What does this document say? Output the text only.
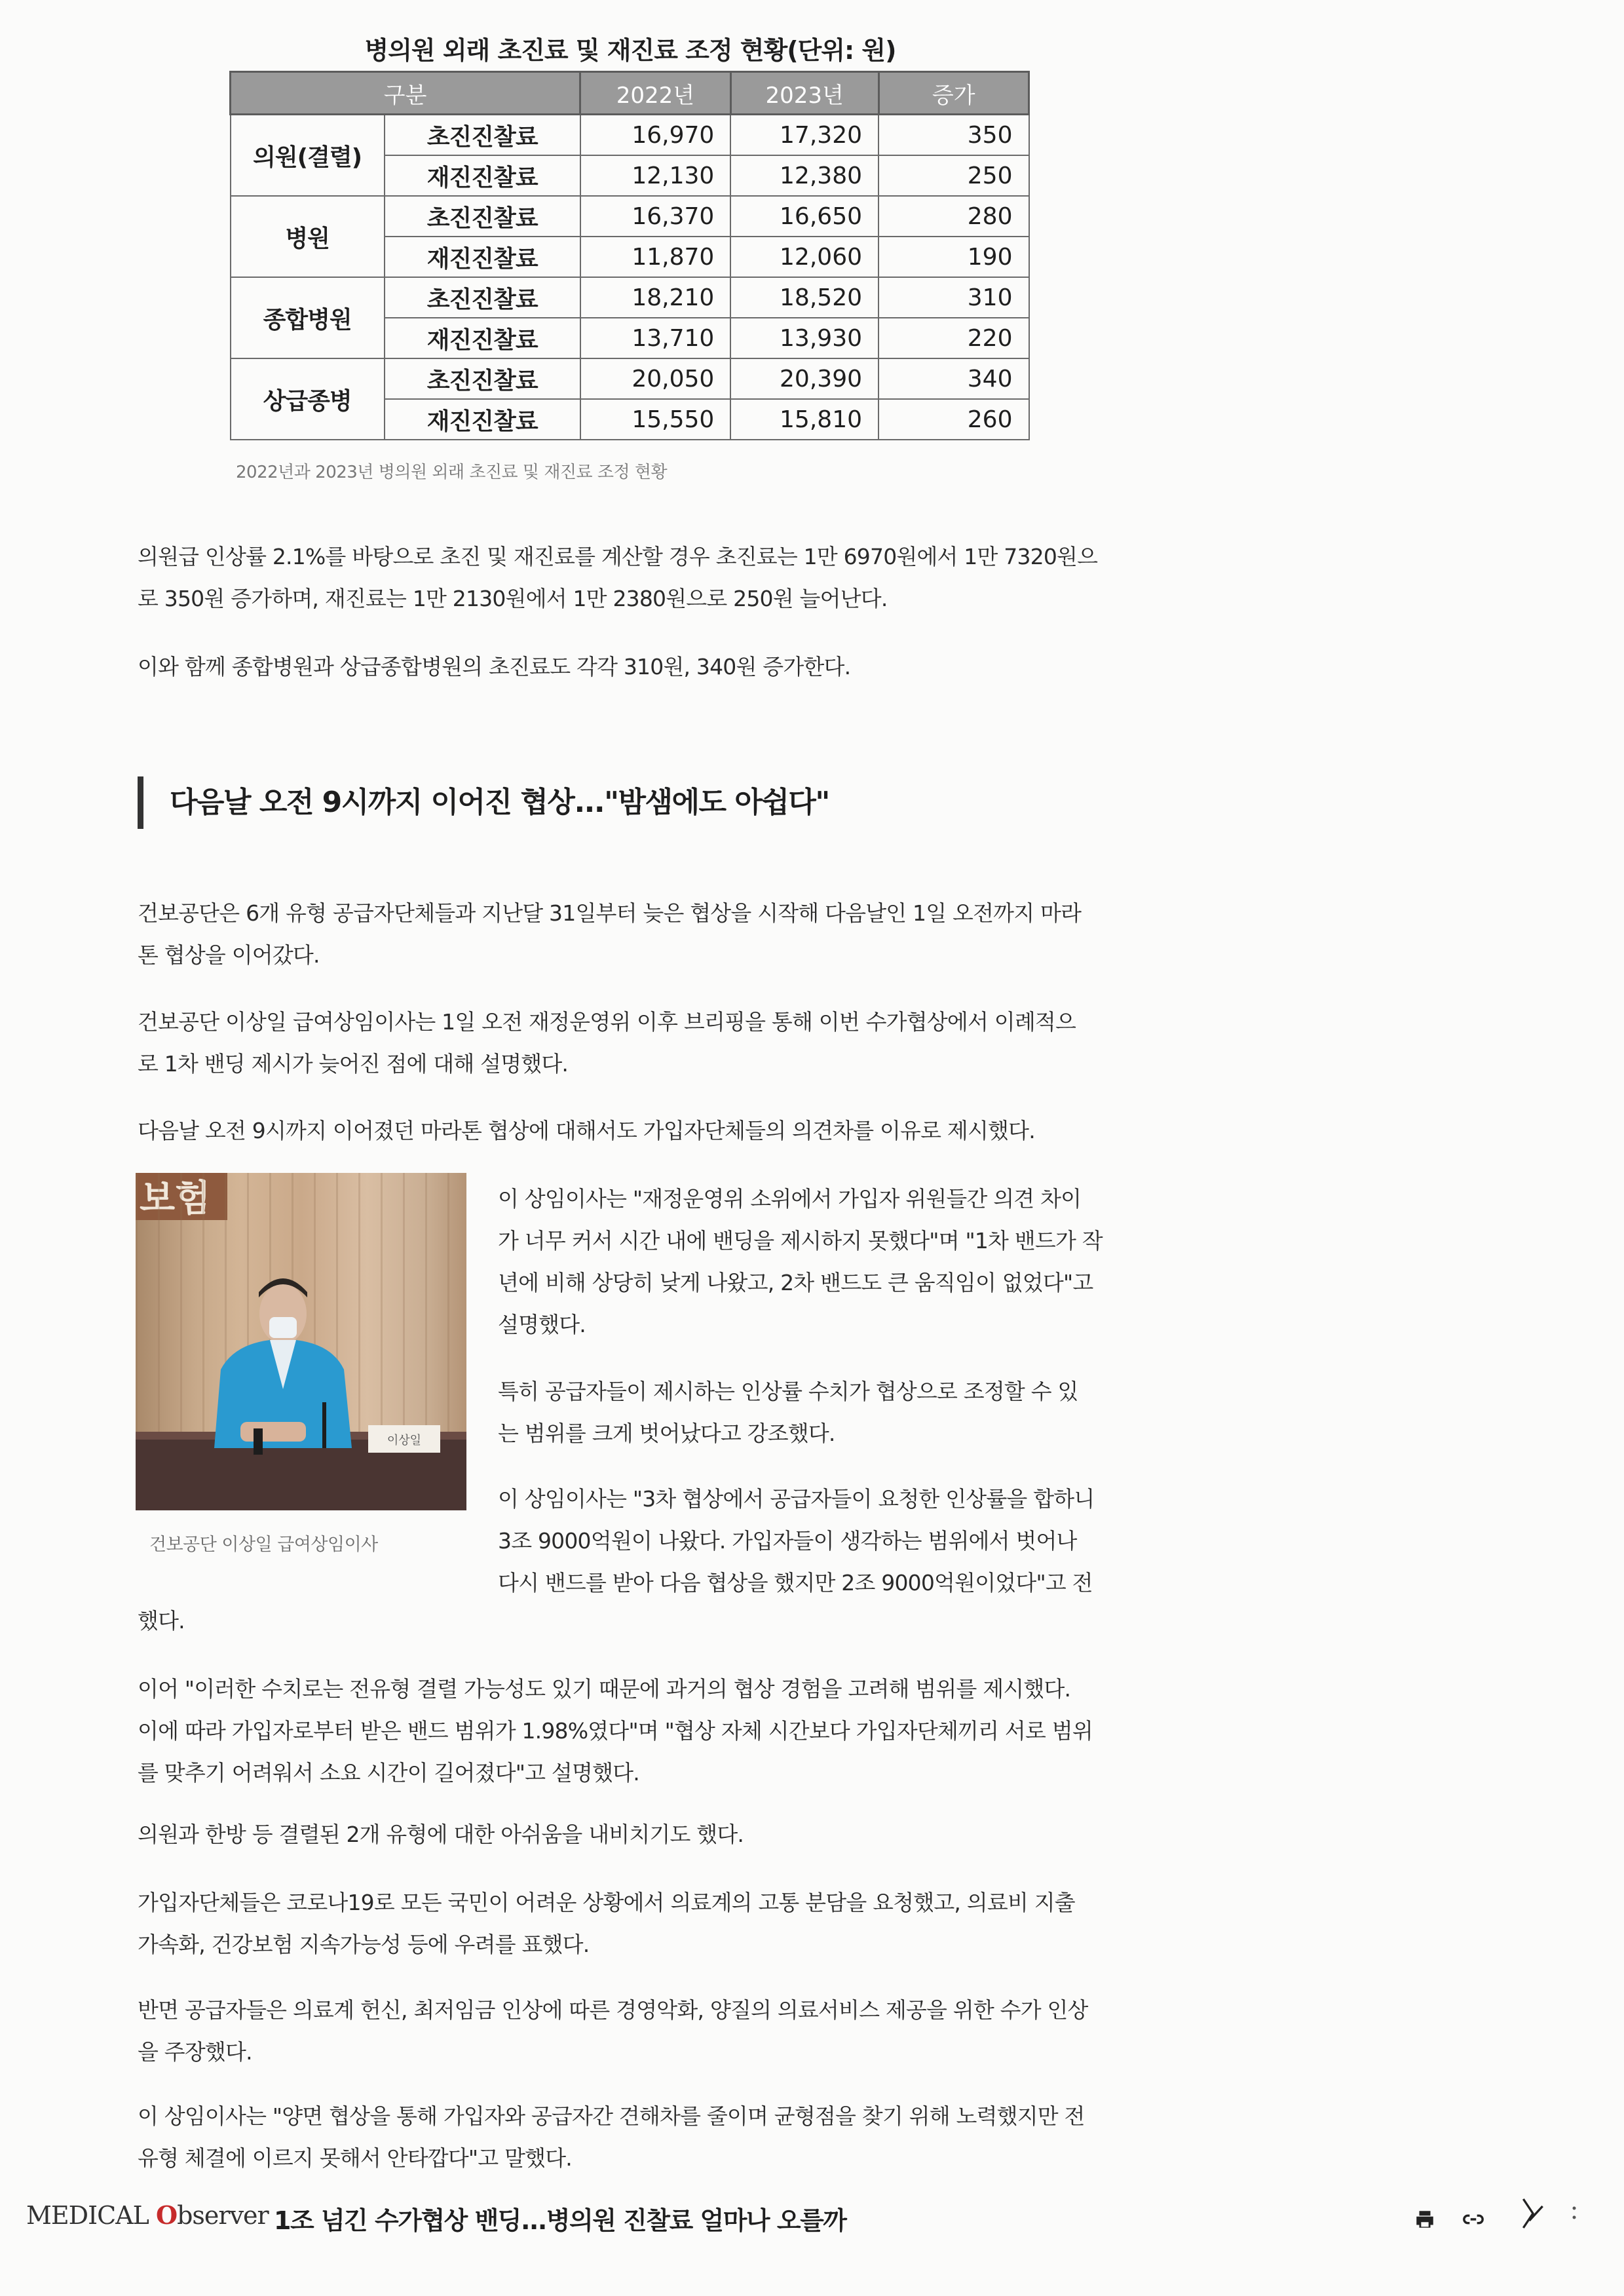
병의원 외래 초진료 및 재진료 조정 현황(단위: 원)
구분		2022년	2023년	증가
의원(결렬)	초진진찰료	16,970	17,320	350
	재진진찰료	12,130	12,380	250
병원	초진진찰료	16,370	16,650	280
	재진진찰료	11,870	12,060	190
종합병원	초진진찰료	18,210	18,520	310
	재진진찰료	13,710	13,930	220
상급종병	초진진찰료	20,050	20,390	340
	재진진찰료	15,550	15,810	260
2022년과 2023년 병의원 외래 초진료 및 재진료 조정 현황
의원급 인상률 2.1%를 바탕으로 초진 및 재진료를 계산할 경우 초진료는 1만 6970원에서 1만 7320원으
로 350원 증가하며, 재진료는 1만 2130원에서 1만 2380원으로 250원 늘어난다.
이와 함께 종합병원과 상급종합병원의 초진료도 각각 310원, 340원 증가한다.
다음날 오전 9시까지 이어진 협상..."밤샘에도 아쉽다"
건보공단은 6개 유형 공급자단체들과 지난달 31일부터 늦은 협상을 시작해 다음날인 1일 오전까지 마라
톤 협상을 이어갔다.
건보공단 이상일 급여상임이사는 1일 오전 재정운영위 이후 브리핑을 통해 이번 수가협상에서 이례적으
로 1차 밴딩 제시가 늦어진 점에 대해 설명했다.
다음날 오전 9시까지 이어졌던 마라톤 협상에 대해서도 가입자단체들의 의견차를 이유로 제시했다.
보험
이상일
건보공단 이상일 급여상임이사
이 상임이사는 "재정운영위 소위에서 가입자 위원들간 의견 차이
가 너무 커서 시간 내에 밴딩을 제시하지 못했다"며 "1차 밴드가 작
년에 비해 상당히 낮게 나왔고, 2차 밴드도 큰 움직임이 없었다"고
설명했다.
특히 공급자들이 제시하는 인상률 수치가 협상으로 조정할 수 있
는 범위를 크게 벗어났다고 강조했다.
이 상임이사는 "3차 협상에서 공급자들이 요청한 인상률을 합하니
3조 9000억원이 나왔다. 가입자들이 생각하는 범위에서 벗어나
다시 밴드를 받아 다음 협상을 했지만 2조 9000억원이었다"고 전
했다.
이어 "이러한 수치로는 전유형 결렬 가능성도 있기 때문에 과거의 협상 경험을 고려해 범위를 제시했다.
이에 따라 가입자로부터 받은 밴드 범위가 1.98%였다"며 "협상 자체 시간보다 가입자단체끼리 서로 범위
를 맞추기 어려워서 소요 시간이 길어졌다"고 설명했다.
의원과 한방 등 결렬된 2개 유형에 대한 아쉬움을 내비치기도 했다.
가입자단체들은 코로나19로 모든 국민이 어려운 상황에서 의료계의 고통 분담을 요청했고, 의료비 지출
가속화, 건강보험 지속가능성 등에 우려를 표했다.
반면 공급자들은 의료계 헌신, 최저임금 인상에 따른 경영악화, 양질의 의료서비스 제공을 위한 수가 인상
을 주장했다.
이 상임이사는 "양면 협상을 통해 가입자와 공급자간 견해차를 줄이며 균형점을 찾기 위해 노력했지만 전
유형 체결에 이르지 못해서 안타깝다"고 말했다.
MEDICAL Observer 1조 넘긴 수가협상 밴딩...병의원 진찰료 얼마나 오를까
